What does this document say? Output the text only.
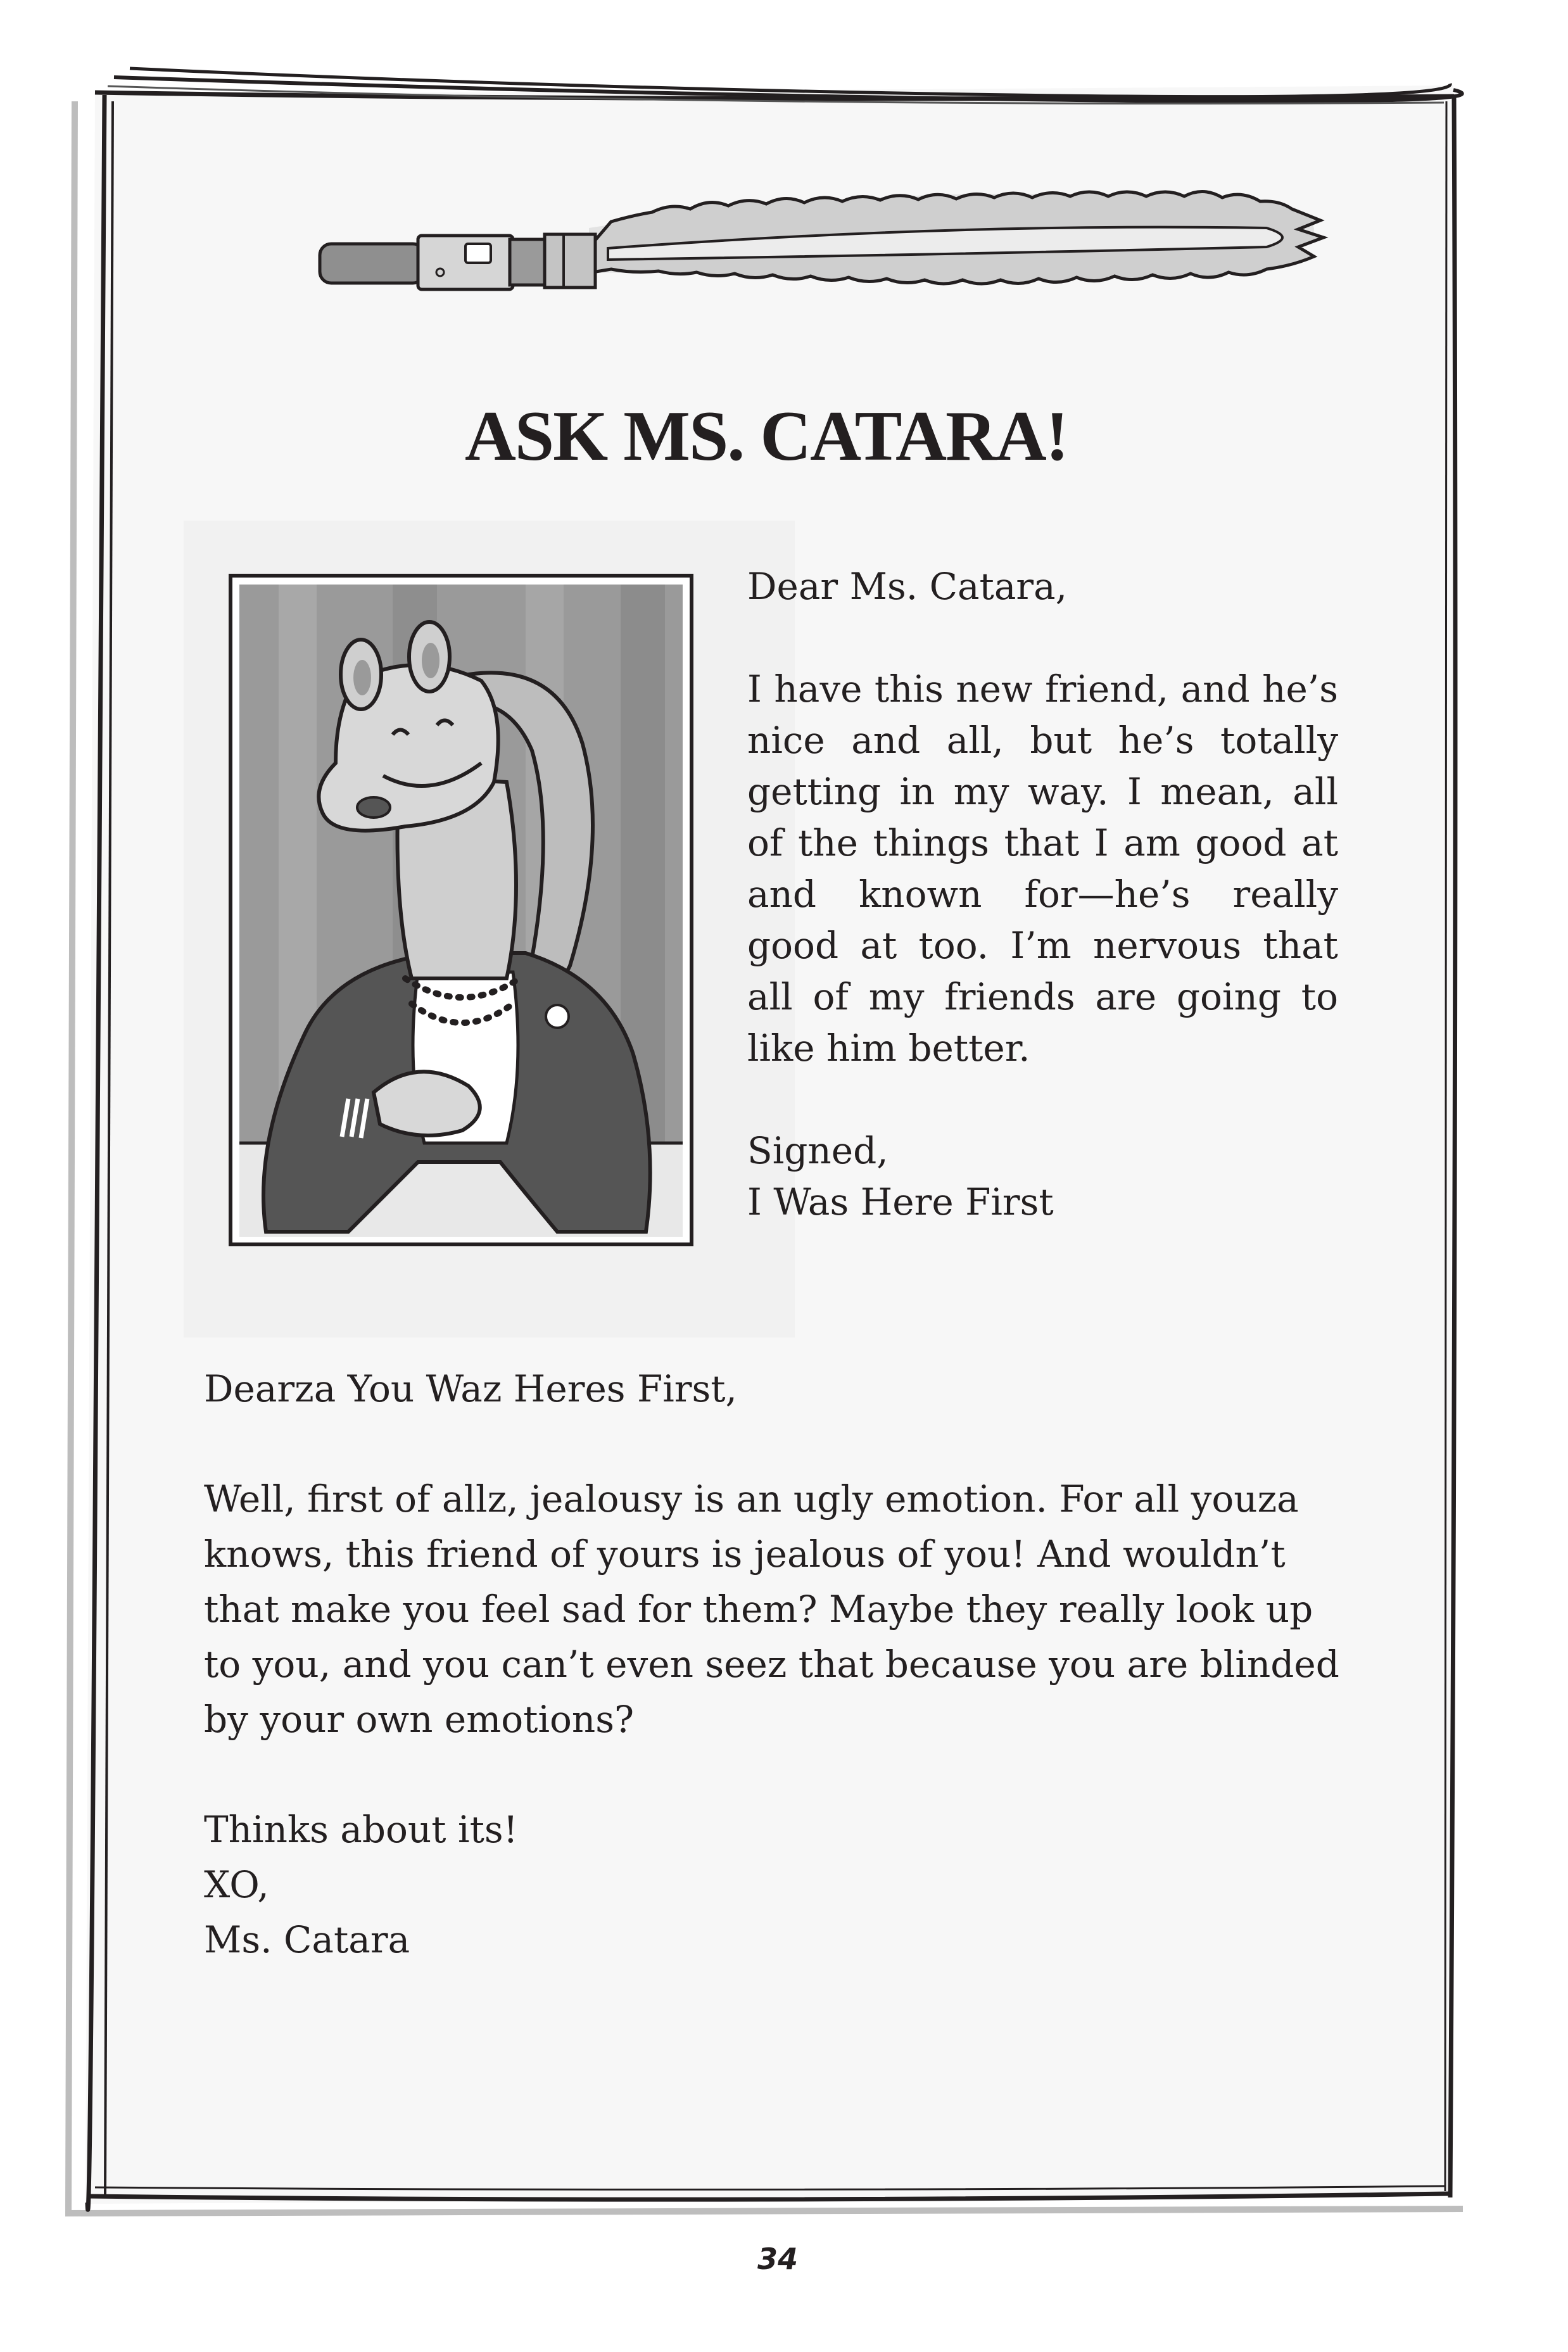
ASK MS. CATARA!

Dear Ms. Catara,

I have this new friend, and he’s nice and all, but he’s totally getting in my way. I mean, all of the things that I am good at and known for—he’s really good at too. I’m nervous that all of my friends are going to like him better.

Signed,

I Was Here First

Dearza You Waz Heres First,

Well, first of allz, jealousy is an ugly emotion. For all youza knows, this friend of yours is jealous of you! And wouldn’t that make you feel sad for them? Maybe they really look up to you, and you can’t even seez that because you are blinded by your own emotions?

Thinks about its!

XO,

Ms. Catara

34
